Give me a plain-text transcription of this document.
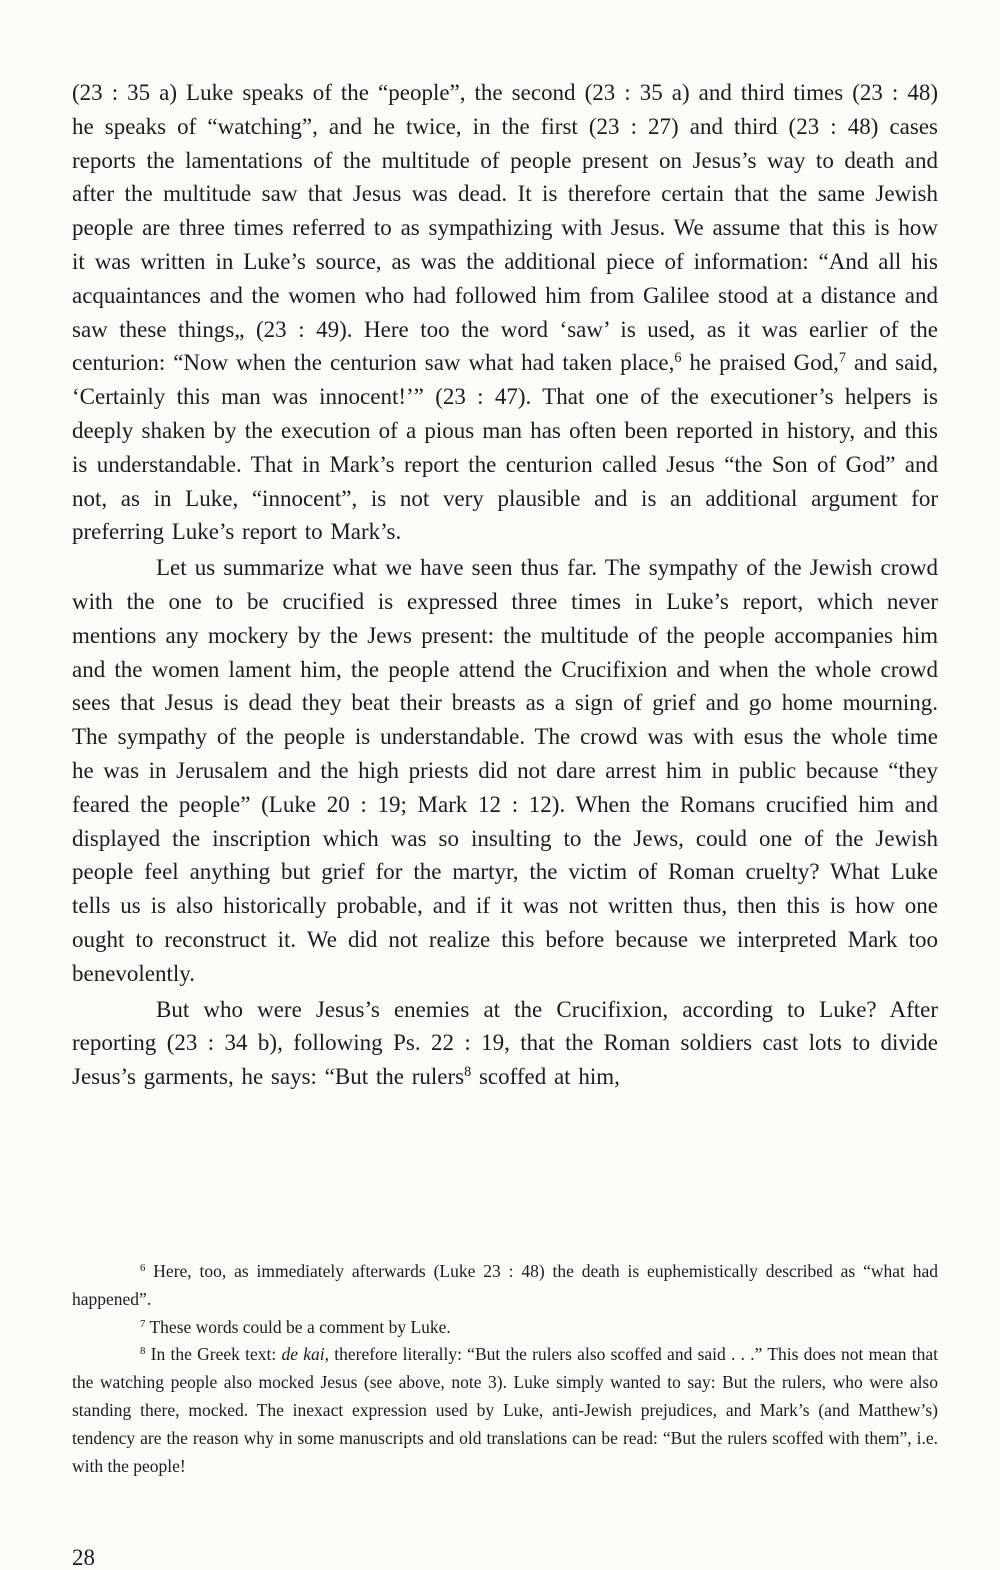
(23 : 35 a) Luke speaks of the “people”, the second (23 : 35 a) and third times (23 : 48) he speaks of “watching”, and he twice, in the first (23 : 27) and third (23 : 48) cases reports the lamentations of the multitude of people present on Jesus’s way to death and after the multitude saw that Jesus was dead. It is therefore certain that the same Jewish people are three times referred to as sympathizing with Jesus. We assume that this is how it was written in Luke’s source, as was the additional piece of information: “And all his acquaintances and the women who had followed him from Galilee stood at a distance and saw these things„ (23 : 49). Here too the word ‘saw’ is used, as it was earlier of the centurion: “Now when the centurion saw what had taken place,$^6$ he praised God,$^7$ and said, ‘Certainly this man was innocent!’” (23 : 47). That one of the executioner’s helpers is deeply shaken by the execution of a pious man has often been reported in history, and this is understandable. That in Mark’s report the centurion called Jesus “the Son of God” and not, as in Luke, “innocent”, is not very plausible and is an additional argument for preferring Luke’s report to Mark’s.

Let us summarize what we have seen thus far. The sympathy of the Jewish crowd with the one to be crucified is expressed three times in Luke’s report, which never mentions any mockery by the Jews present: the multitude of the people accompanies him and the women lament him, the people attend the Crucifixion and when the whole crowd sees that Jesus is dead they beat their breasts as a sign of grief and go home mourning. The sympathy of the people is understandable. The crowd was with esus the whole time he was in Jerusalem and the high priests did not dare arrest him in public because “they feared the people” (Luke 20 : 19; Mark 12 : 12). When the Romans crucified him and displayed the inscription which was so insulting to the Jews, could one of the Jewish people feel anything but grief for the martyr, the victim of Roman cruelty? What Luke tells us is also historically probable, and if it was not written thus, then this is how one ought to reconstruct it. We did not realize this before because we interpreted Mark too benevolently.

But who were Jesus’s enemies at the Crucifixion, according to Luke? After reporting (23 : 34 b), following Ps. 22 : 19, that the Roman soldiers cast lots to divide Jesus’s garments, he says: “But the rulers$^8$ scoffed at him,

$^6$ Here, too, as immediately afterwards (Luke 23 : 48) the death is euphemistically described as “what had happened”.

$^7$ These words could be a comment by Luke.

$^8$ In the Greek text: de kai, therefore literally: “But the rulers also scoffed and said . . .” This does not mean that the watching people also mocked Jesus (see above, note 3). Luke simply wanted to say: But the rulers, who were also standing there, mocked. The inexact expression used by Luke, anti-Jewish prejudices, and Mark’s (and Matthew’s) tendency are the reason why in some manuscripts and old translations can be read: “But the rulers scoffed with them”, i.e. with the people!

28
